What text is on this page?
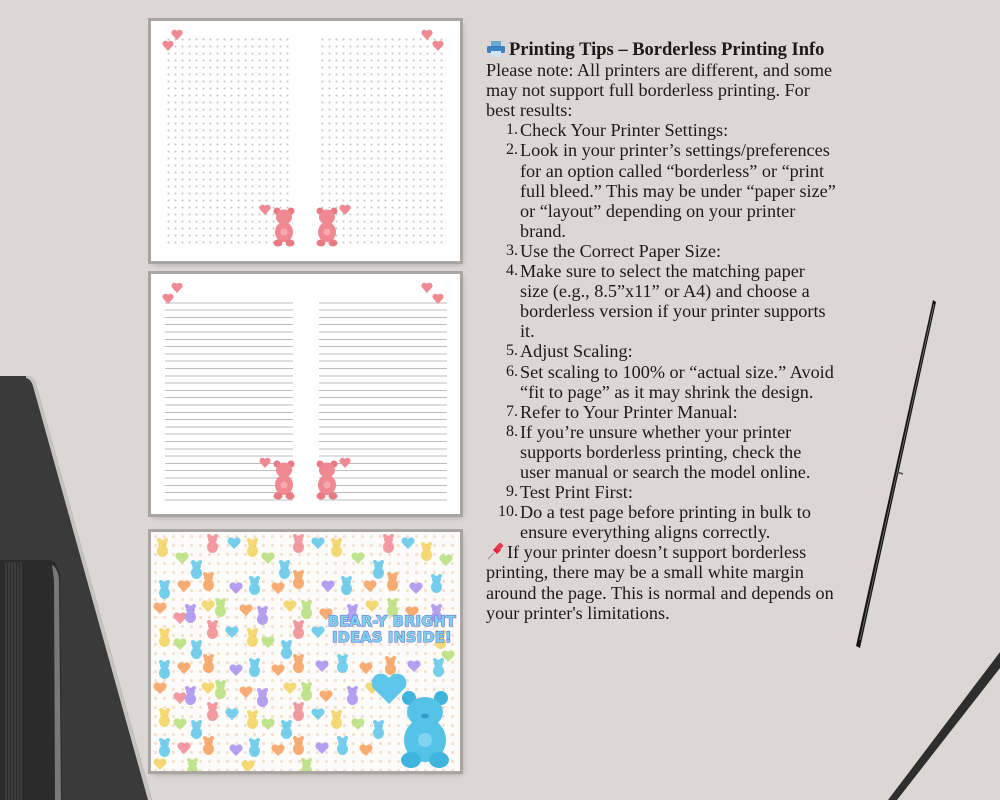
BEAR-Y BRIGHT
IDEAS INSIDE!
Printing Tips – Borderless Printing Info

Please note: All printers are different, and some may not support full borderless printing. For best results:

1. Check Your Printer Settings:
2. Look in your printer’s settings/preferences for an option called “borderless” or “print full bleed.” This may be under “paper size” or “layout” depending on your printer brand.
3. Use the Correct Paper Size:
4. Make sure to select the matching paper size (e.g., 8.5”x11” or A4) and choose a borderless version if your printer supports it.
5. Adjust Scaling:
6. Set scaling to 100% or “actual size.” Avoid “fit to page” as it may shrink the design.
7. Refer to Your Printer Manual:
8. If you’re unsure whether your printer supports borderless printing, check the user manual or search the model online.
9. Test Print First:
10. Do a test page before printing in bulk to ensure everything aligns correctly.

If your printer doesn’t support borderless printing, there may be a small white margin around the page. This is normal and depends on your printer's limitations.
